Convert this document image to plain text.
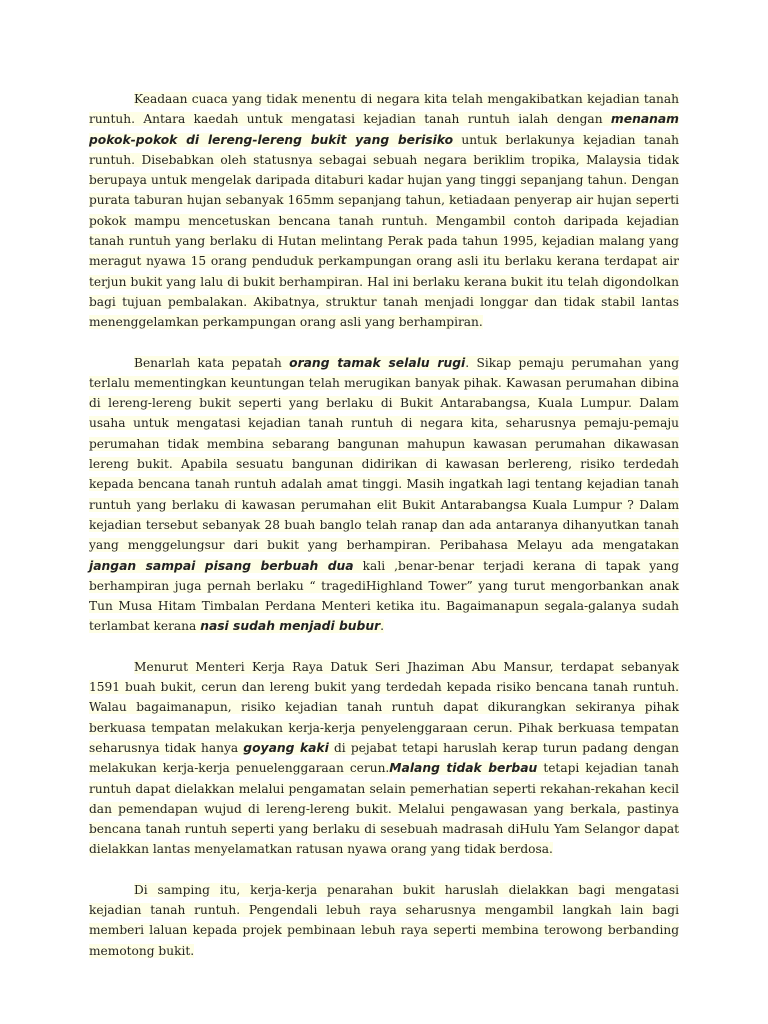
Keadaan cuaca yang tidak menentu di negara kita telah mengakibatkan kejadian tanah runtuh. Antara kaedah untuk mengatasi kejadian tanah runtuh ialah dengan menanam pokok-pokok di lereng-lereng bukit yang berisiko untuk berlakunya kejadian tanah runtuh. Disebabkan oleh statusnya sebagai sebuah negara beriklim tropika, Malaysia tidak berupaya untuk mengelak daripada ditaburi kadar hujan yang tinggi sepanjang tahun. Dengan purata taburan hujan sebanyak 165mm sepanjang tahun, ketiadaan penyerap air hujan seperti pokok mampu mencetuskan bencana tanah runtuh. Mengambil contoh daripada kejadian tanah runtuh yang berlaku di Hutan melintang Perak pada tahun 1995, kejadian malang yang meragut nyawa 15 orang penduduk perkampungan orang asli itu berlaku kerana terdapat air terjun bukit yang lalu di bukit berhampiran. Hal ini berlaku kerana bukit itu telah digondolkan bagi tujuan pembalakan. Akibatnya, struktur tanah menjadi longgar dan tidak stabil lantas menenggelamkan perkampungan orang asli yang berhampiran.

Benarlah kata pepatah orang tamak selalu rugi. Sikap pemaju perumahan yang terlalu mementingkan keuntungan telah merugikan banyak pihak. Kawasan perumahan dibina di lereng-lereng bukit seperti yang berlaku di Bukit Antarabangsa, Kuala Lumpur. Dalam usaha untuk mengatasi kejadian tanah runtuh di negara kita, seharusnya pemaju-pemaju perumahan tidak membina sebarang bangunan mahupun kawasan perumahan dikawasan lereng bukit. Apabila sesuatu bangunan didirikan di kawasan berlereng, risiko terdedah kepada bencana tanah runtuh adalah amat tinggi. Masih ingatkah lagi tentang kejadian tanah runtuh yang berlaku di kawasan perumahan elit Bukit Antarabangsa Kuala Lumpur ? Dalam kejadian tersebut sebanyak 28 buah banglo telah ranap dan ada antaranya dihanyutkan tanah yang menggelungsur dari bukit yang berhampiran. Peribahasa Melayu ada mengatakan jangan sampai pisang berbuah dua kali ,benar-benar terjadi kerana di tapak yang berhampiran juga pernah berlaku “ tragediHighland Tower” yang turut mengorbankan anak Tun Musa Hitam Timbalan Perdana Menteri ketika itu. Bagaimanapun segala-galanya sudah terlambat kerana nasi sudah menjadi bubur.

Menurut Menteri Kerja Raya Datuk Seri Jhaziman Abu Mansur, terdapat sebanyak 1591 buah bukit, cerun dan lereng bukit yang terdedah kepada risiko bencana tanah runtuh. Walau bagaimanapun, risiko kejadian tanah runtuh dapat dikurangkan sekiranya pihak berkuasa tempatan melakukan kerja-kerja penyelenggaraan cerun. Pihak berkuasa tempatan seharusnya tidak hanya goyang kaki di pejabat tetapi haruslah kerap turun padang dengan melakukan kerja-kerja penuelenggaraan cerun.Malang tidak berbau tetapi kejadian tanah runtuh dapat dielakkan melalui pengamatan selain pemerhatian seperti rekahan-rekahan kecil dan pemendapan wujud di lereng-lereng bukit. Melalui pengawasan yang berkala, pastinya bencana tanah runtuh seperti yang berlaku di sesebuah madrasah diHulu Yam Selangor dapat dielakkan lantas menyelamatkan ratusan nyawa orang yang tidak berdosa.

Di samping itu, kerja-kerja penarahan bukit haruslah dielakkan bagi mengatasi kejadian tanah runtuh. Pengendali lebuh raya seharusnya mengambil langkah lain bagi memberi laluan kepada projek pembinaan lebuh raya seperti membina terowong berbanding memotong bukit.
